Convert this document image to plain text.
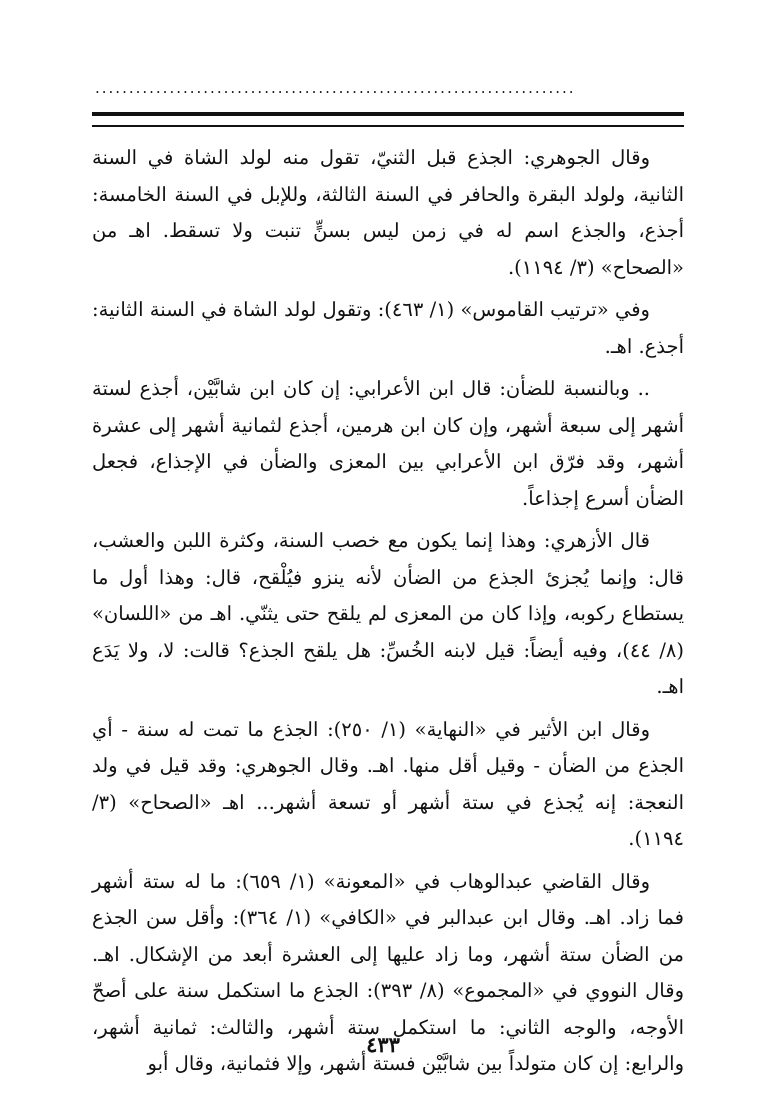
.......................................................................

وقال الجوهري: الجذع قبل الثنيّ، تقول منه لولد الشاة في السنة الثانية، ولولد البقرة والحافر في السنة الثالثة، وللإبل في السنة الخامسة: أجذع، والجذع اسم له في زمن ليس بسنٍّ تنبت ولا تسقط. اهـ من «الصحاح» (٣/ ١١٩٤).

وفي «ترتيب القاموس» (١/ ٤٦٣): وتقول لولد الشاة في السنة الثانية: أجذع. اهـ.

.. وبالنسبة للضأن: قال ابن الأعرابي: إن كان ابن شابَّيْن، أجذع لستة أشهر إلى سبعة أشهر، وإن كان ابن هرمين، أجذع لثمانية أشهر إلى عشرة أشهر، وقد فرّق ابن الأعرابي بين المعزى والضأن في الإجذاع، فجعل الضأن أسرع إجذاعاً.

قال الأزهري: وهذا إنما يكون مع خصب السنة، وكثرة اللبن والعشب، قال: وإنما يُجزئ الجذع من الضأن لأنه ينزو فيُلْقح، قال: وهذا أول ما يستطاع ركوبه، وإذا كان من المعزى لم يلقح حتى يثنّي. اهـ من «اللسان» (٨/ ٤٤)، وفيه أيضاً: قيل لابنه الخُسِّ: هل يلقح الجذع؟ قالت: لا، ولا يَدَع اهـ.

وقال ابن الأثير في «النهاية» (١/ ٢٥٠): الجذع ما تمت له سنة - أي الجذع من الضأن - وقيل أقل منها. اهـ. وقال الجوهري: وقد قيل في ولد النعجة: إنه يُجذع في ستة أشهر أو تسعة أشهر... اهـ «الصحاح» (٣/ ١١٩٤).

وقال القاضي عبدالوهاب في «المعونة» (١/ ٦٥٩): ما له ستة أشهر فما زاد. اهـ. وقال ابن عبدالبر في «الكافي» (١/ ٣٦٤): وأقل سن الجذع من الضأن ستة أشهر، وما زاد عليها إلى العشرة أبعد من الإشكال. اهـ. وقال النووي في «المجموع» (٨/ ٣٩٣): الجذع ما استكمل سنة على أصحّ الأوجه، والوجه الثاني: ما استكمل ستة أشهر، والثالث: ثمانية أشهر، والرابع: إن كان متولداً بين شابَّيْن فستة أشهر، وإلا فثمانية، وقال أبو

٤٣٣
